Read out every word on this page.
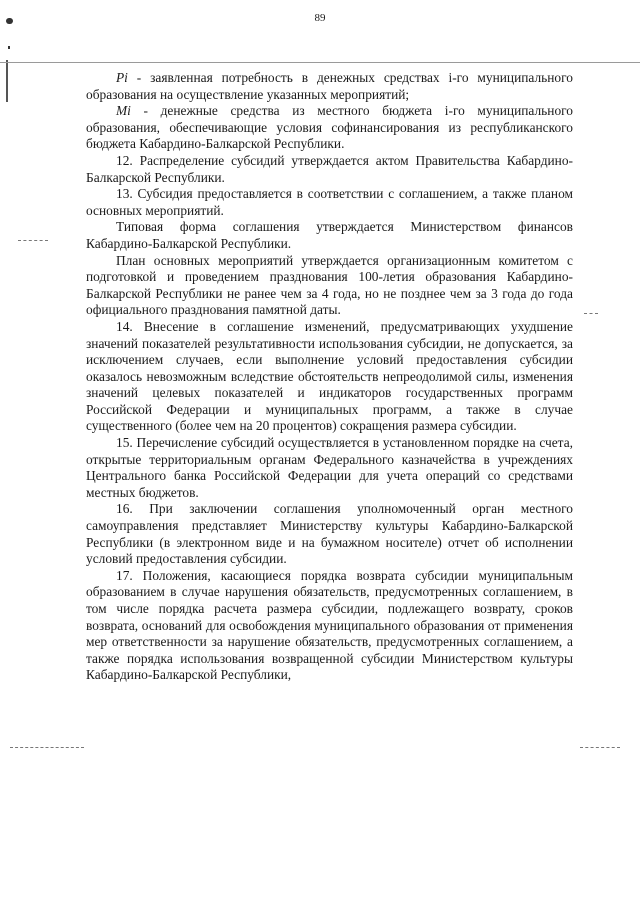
89

Pi - заявленная потребность в денежных средствах i-го муниципального образования на осуществление указанных мероприятий;

Mi - денежные средства из местного бюджета i-го муниципального образования, обеспечивающие условия софинансирования из республиканского бюджета Кабардино-Балкарской Республики.

12. Распределение субсидий утверждается актом Правительства Кабардино-Балкарской Республики.

13. Субсидия предоставляется в соответствии с соглашением, а также планом основных мероприятий.

Типовая форма соглашения утверждается Министерством финансов Кабардино-Балкарской Республики.

План основных мероприятий утверждается организационным комитетом с подготовкой и проведением празднования 100-летия образования Кабардино-Балкарской Республики не ранее чем за 4 года, но не позднее чем за 3 года до года официального празднования памятной даты.

14. Внесение в соглашение изменений, предусматривающих ухудшение значений показателей результативности использования субсидии, не допускается, за исключением случаев, если выполнение условий предоставления субсидии оказалось невозможным вследствие обстоятельств непреодолимой силы, изменения значений целевых показателей и индикаторов государственных программ Российской Федерации и муниципальных программ, а также в случае существенного (более чем на 20 процентов) сокращения размера субсидии.

15. Перечисление субсидий осуществляется в установленном порядке на счета, открытые территориальным органам Федерального казначейства в учреждениях Центрального банка Российской Федерации для учета операций со средствами местных бюджетов.

16. При заключении соглашения уполномоченный орган местного самоуправления представляет Министерству культуры Кабардино-Балкарской Республики (в электронном виде и на бумажном носителе) отчет об исполнении условий предоставления субсидии.

17. Положения, касающиеся порядка возврата субсидии муниципальным образованием в случае нарушения обязательств, предусмотренных соглашением, в том числе порядка расчета размера субсидии, подлежащего возврату, сроков возврата, оснований для освобождения муниципального образования от применения мер ответственности за нарушение обязательств, предусмотренных соглашением, а также порядка использования возвращенной субсидии Министерством культуры Кабардино-Балкарской Республики,
